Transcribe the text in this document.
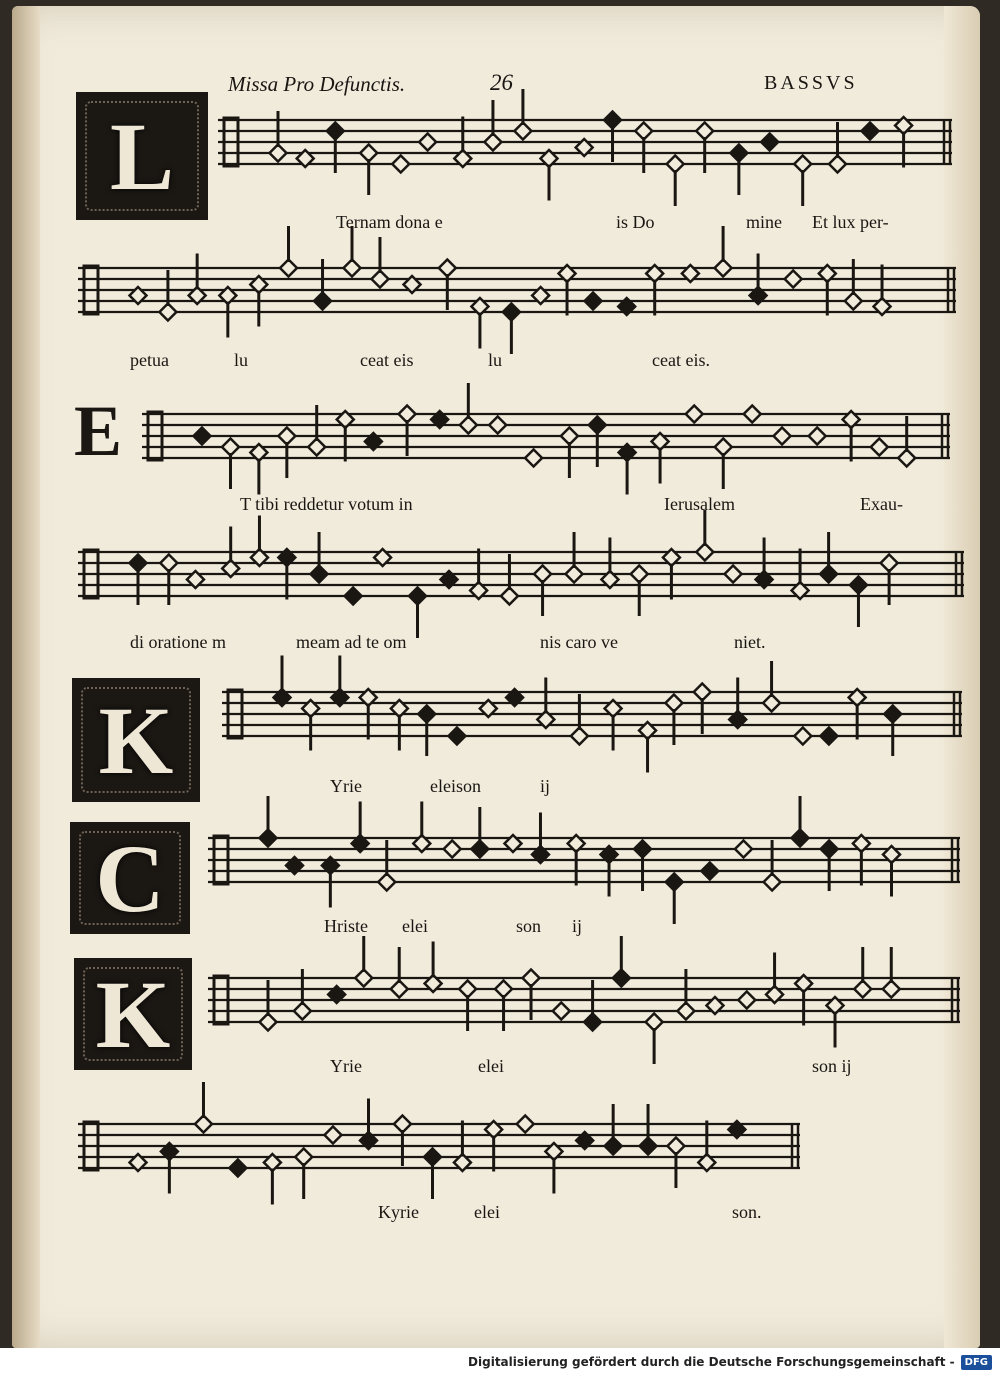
Missa Pro Defunctis.	26	BASSVS
L
E
K
C
K
Ternam dona e	is Do	mine Et lux per-
petua	lu	ceat eis	lu	ceat eis.
T tibi reddetur votum in	Ierusalem	Exau-
di oratione m	meam ad te om	nis caro ve	niet.
Yrie	eleison	ij
Hriste elei	son ij
Yrie	elei	son ij
Kyrie	elei	son.
Digitalisierung gefördert durch die Deutsche Forschungsgemeinschaft -	DFG
